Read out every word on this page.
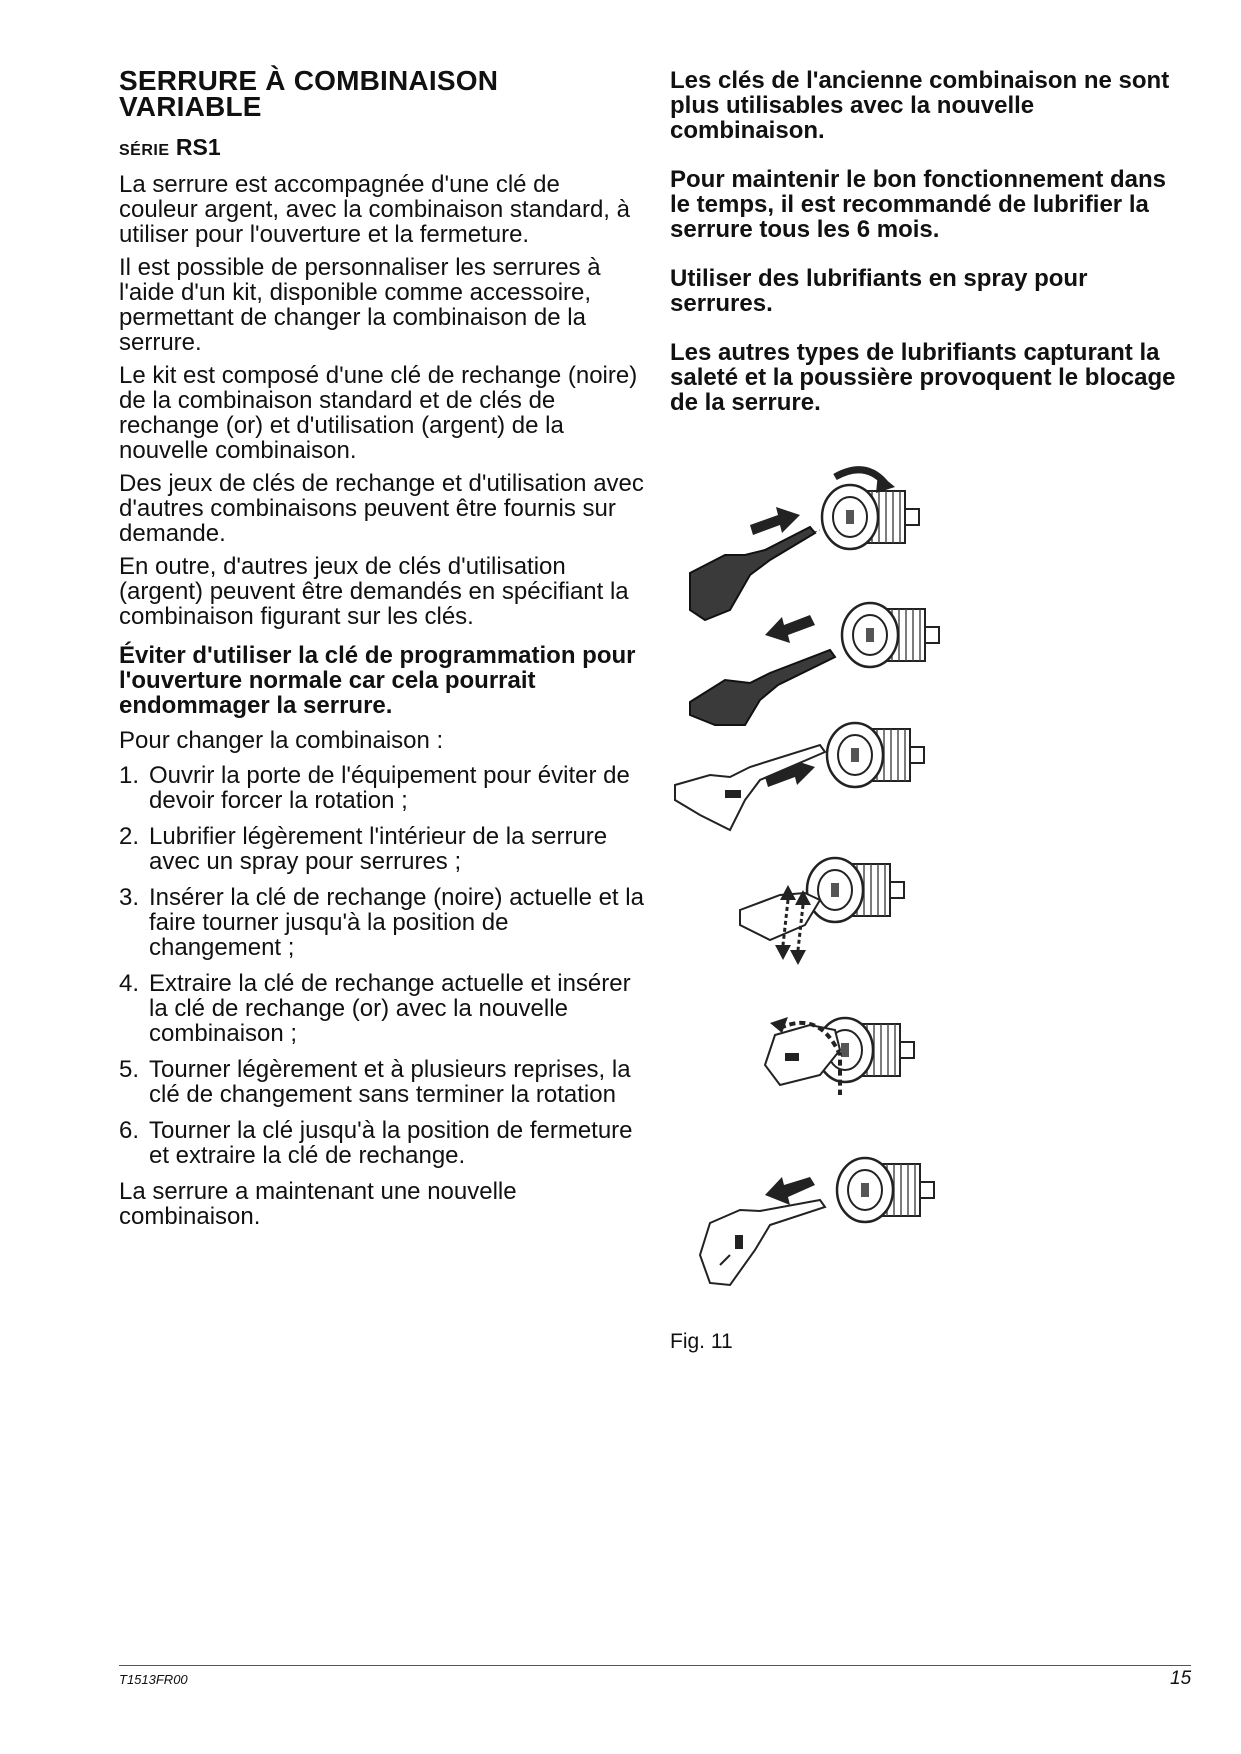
SERRURE À COMBINAISON VARIABLE
SÉRIE RS1

La serrure est accompagnée d'une clé de couleur argent, avec la combinaison standard, à utiliser pour l'ouverture et la fermeture.

Il est possible de personnaliser les serrures à l'aide d'un kit, disponible comme accessoire, permettant de changer la combinaison de la serrure.

Le kit est composé d'une clé de rechange (noire) de la combinaison standard et de clés de rechange (or) et d'utilisation (argent) de la nouvelle combinaison.

Des jeux de clés de rechange et d'utilisation avec d'autres combinaisons peuvent être fournis sur demande.

En outre, d'autres jeux de clés d'utilisation (argent) peuvent être demandés en spécifiant la combinaison figurant sur les clés.

Éviter d'utiliser la clé de programmation pour l'ouverture normale car cela pourrait endommager la serrure.

Pour changer la combinaison :

1. Ouvrir la porte de l'équipement pour éviter de devoir forcer la rotation ;
2. Lubrifier légèrement l'intérieur de la serrure avec un spray pour serrures ;
3. Insérer la clé de rechange (noire) actuelle et la faire tourner jusqu'à la position de changement ;
4. Extraire la clé de rechange actuelle et insérer la clé de rechange (or) avec la nouvelle combinaison ;
5. Tourner légèrement et à plusieurs reprises, la clé de changement sans terminer la rotation
6. Tourner la clé jusqu'à la position de fermeture et extraire la clé de rechange.

La serrure a maintenant une nouvelle combinaison.

Les clés de l'ancienne combinaison ne sont plus utilisables avec la nouvelle combinaison.

Pour maintenir le bon fonctionnement dans le temps, il est recommandé de lubrifier la serrure tous les 6 mois.

Utiliser des lubrifiants en spray pour serrures.

Les autres types de lubrifiants capturant la saleté et la poussière provoquent le blocage de la serrure.

Fig. 11
T1513FR00	15
